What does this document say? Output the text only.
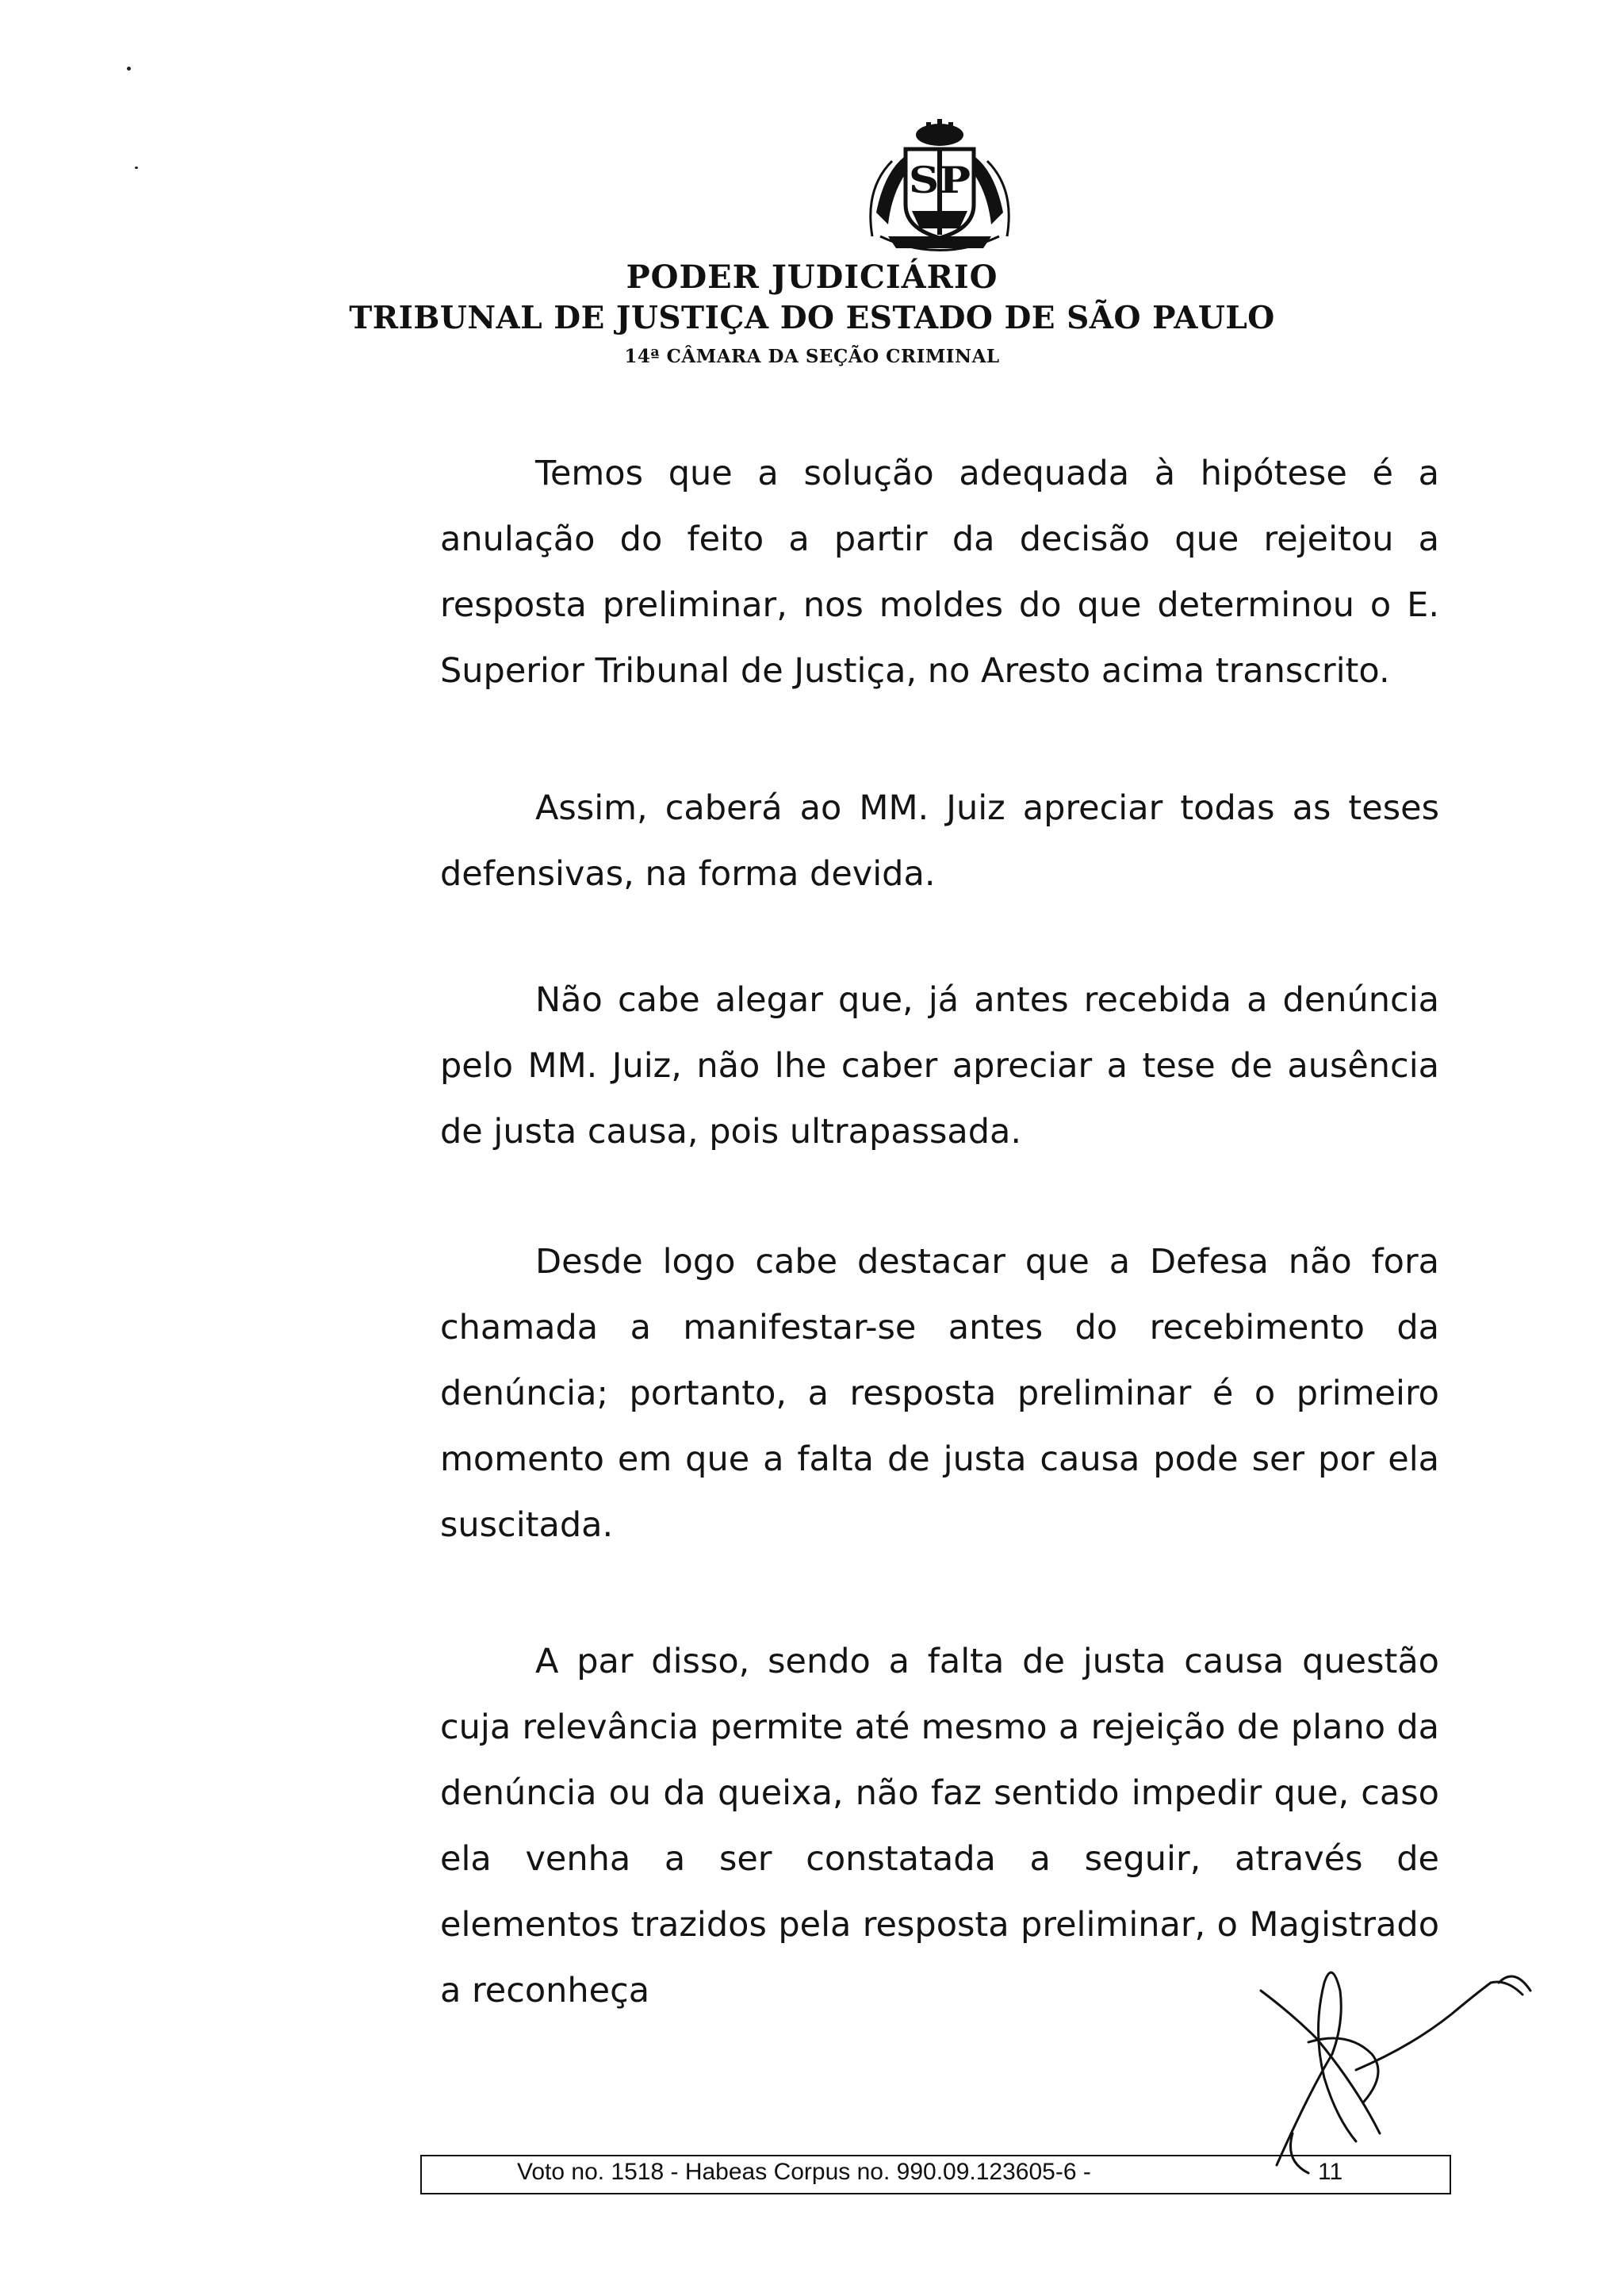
SP
PODER JUDICIÁRIO
TRIBUNAL DE JUSTIÇA DO ESTADO DE SÃO PAULO
14ª CÂMARA DA SEÇÃO CRIMINAL

Temos que a solução adequada à hipótese é a anulação do feito a partir da decisão que rejeitou a resposta preliminar, nos moldes do que determinou o E. Superior Tribunal de Justiça, no Aresto acima transcrito.

Assim, caberá ao MM. Juiz apreciar todas as teses defensivas, na forma devida.

Não cabe alegar que, já antes recebida a denúncia pelo MM. Juiz, não lhe caber apreciar a tese de ausência de justa causa, pois ultrapassada.

Desde logo cabe destacar que a Defesa não fora chamada a manifestar-se antes do recebimento da denúncia; portanto, a resposta preliminar é o primeiro momento em que a falta de justa causa pode ser por ela suscitada.

A par disso, sendo a falta de justa causa questão cuja relevância permite até mesmo a rejeição de plano da denúncia ou da queixa, não faz sentido impedir que, caso ela venha a ser constatada a seguir, através de elementos trazidos pela resposta preliminar, o Magistrado a reconheça

Voto no. 1518 - Habeas Corpus no. 990.09.123605-6 -	11
